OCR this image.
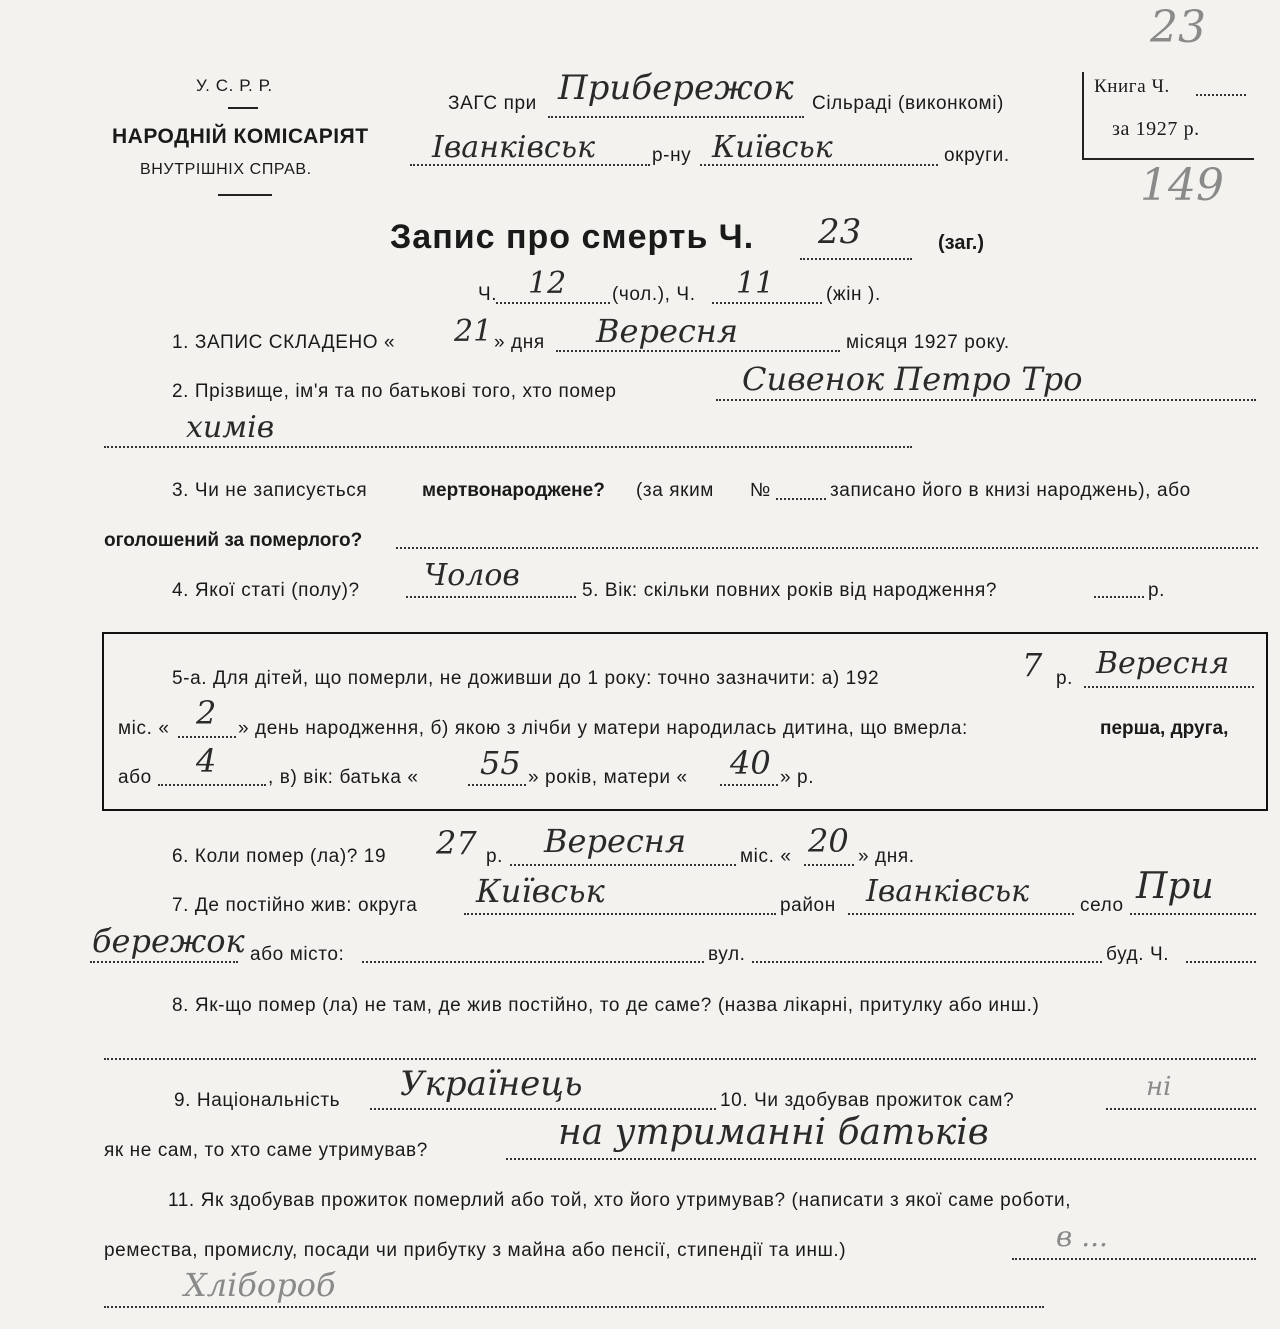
23
149
У. С. Р. Р.
НАРОДНІЙ КОМІСАРІЯТ
ВНУТРІШНІХ СПРАВ.
ЗАГС при Прибережок Сільраді (виконкомі)
Іванківськ	р-ну Київськ	округи.
Книга Ч.
за 1927 р.
Запис про смерть Ч. 23	(заг.)
Ч. 12 (чол.), Ч. 11	(жін ).
1. ЗАПИС СКЛАДЕНО « 21 » дня Вересня	місяця 1927 року.
2. Прізвище, ім'я та по батькові того, хто помер	Сивенок Петро Тро
химів
3. Чи не записується	мертвонароджене? (за яким №	записано його в книзі народжень), або
оголошений за померлого?
4. Якої статі (полу)? Чолов	5. Вік: скільки повних років від народження?	р.
5-а. Для дітей, що померли, не доживши до 1 року: точно зазначити: а) 192	7 р. Вересня
міс. « 2 » день народження, б) якою з лічби у матери народилась дитина, що вмерла:	перша, друга,
або 4	, в) вік: батька « 55 » років, матери « 40 » р.
6. Коли помер (ла)? 19 27 р. Вересня	міс. « 20 » дня.
7. Де постійно жив: округа Київськ	район Іванківськ	село При
бережок або місто:	вул.	буд. Ч.
8. Як-що помер (ла) не там, де жив постійно, то де саме? (назва лікарні, притулку або инш.)
9. Національність Українець	10. Чи здобував прожиток сам?	ні
як не сам, то хто саме утримував?	на утриманні батьків
11. Як здобував прожиток померлий або той, хто його утримував? (написати з якої саме роботи,
ремества, промислу, посади чи прибутку з майна або пенсії, стипендії та инш.)	в ...
Хлібороб
